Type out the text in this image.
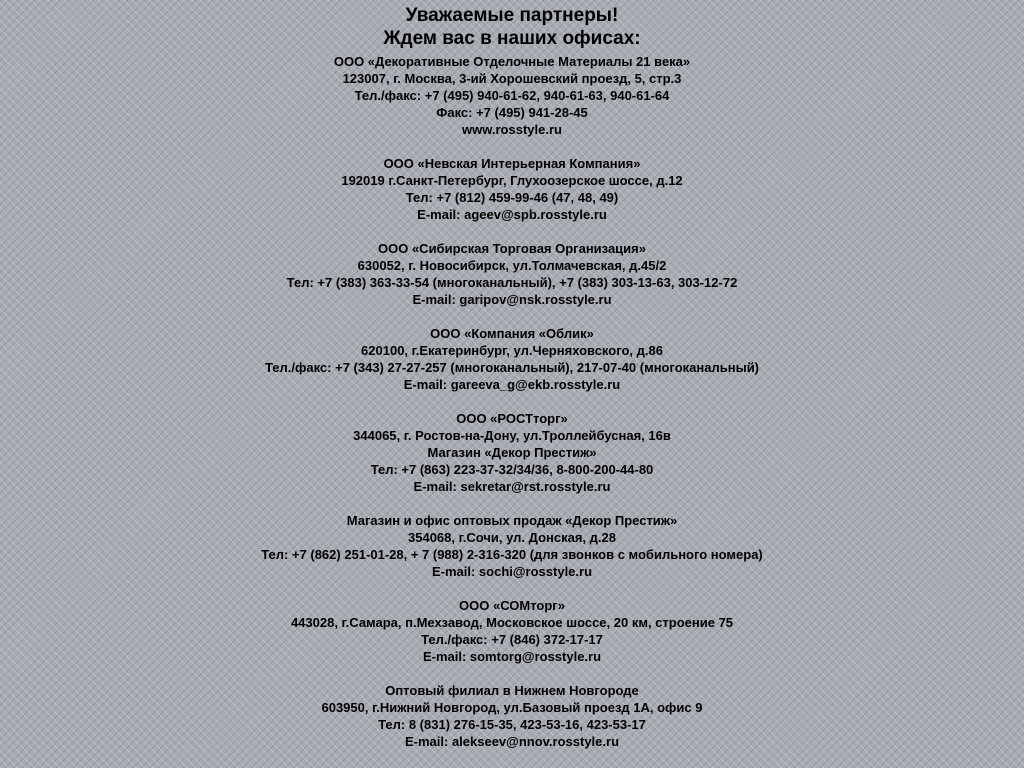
Уважаемые партнеры!
Ждем вас в наших офисах:
ООО «Декоративные Отделочные Материалы 21 века»
123007, г. Москва, 3-ий Хорошевский проезд, 5, стр.3
Тел./факс: +7 (495) 940-61-62, 940-61-63, 940-61-64
Факс: +7 (495) 941-28-45
www.rosstyle.ru
ООО «Невская Интерьерная Компания»
192019 г.Санкт-Петербург, Глухоозерское шоссе, д.12
Тел: +7 (812) 459-99-46 (47, 48, 49)
E-mail: ageev@spb.rosstyle.ru
ООО «Сибирская Торговая Организация»
630052, г. Новосибирск, ул.Толмачевская, д.45/2
Тел: +7 (383) 363-33-54 (многоканальный), +7 (383) 303-13-63, 303-12-72
E-mail: garipov@nsk.rosstyle.ru
ООО «Компания «Облик»
620100, г.Екатеринбург, ул.Черняховского, д.86
Тел./факс: +7 (343) 27-27-257 (многоканальный), 217-07-40 (многоканальный)
E-mail: gareeva_g@ekb.rosstyle.ru
ООО «РОСТторг»
344065, г. Ростов-на-Дону, ул.Троллейбусная, 16в
Магазин «Декор Престиж»
Тел: +7 (863) 223-37-32/34/36, 8-800-200-44-80
E-mail: sekretar@rst.rosstyle.ru
Магазин и офис оптовых продаж «Декор Престиж»
354068, г.Сочи, ул. Донская, д.28
Тел: +7 (862) 251-01-28, + 7 (988) 2-316-320 (для звонков с мобильного номера)
E-mail: sochi@rosstyle.ru
ООО «СОМторг»
443028, г.Самара, п.Мехзавод, Московское шоссе, 20 км, строение 75
Тел./факс: +7 (846) 372-17-17
E-mail: somtorg@rosstyle.ru
Оптовый филиал в Нижнем Новгороде
603950, г.Нижний Новгород, ул.Базовый проезд 1А, офис 9
Тел: 8 (831) 276-15-35, 423-53-16, 423-53-17
E-mail: alekseev@nnov.rosstyle.ru
